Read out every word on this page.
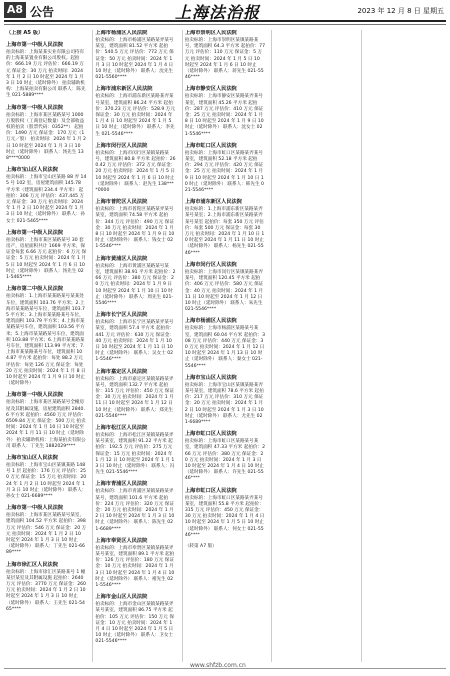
A8 公告	上海法治报	2023 年 12 月 8 日 星期五
（上接 A5 版）
上海市第一中级人民法院
拍卖标的：上海某某实业有限公司持有的上海某某置业有限公司股权。起拍价：666.19 万元 评估价：666.19 万元 保证金：30 万元 拍卖时间：2024 年 1 月 2 日 10 时起至 2024 年 1 月 3 日 10 时止（延时除外） 拍卖辅助机构：上海某拍卖有限公司 联系人：陈先生 021-5889****
上海市第一中级人民法院
拍卖标的：上海市某区某路某号 1000 万股股权（工商登记数量）及全部收益权的拍卖（股票代码：0352**） 起拍价：1490 万元 保证金：170 万元（1 万元／股） 拍卖时间：2024 年 1 月 2 日 10 时起至 2024 年 1 月 3 日 10 时止（延时除外） 联系人：汤先生 138****0000
上海市宝山区人民法院
拍卖标的：上海市宝山区某路 88 弄 145 号 102 室，房屋建筑面积 145.78 平方米（建筑面积 234.4 平方米） 起拍价：306 万元 评估价：437.445 万元 保证金：30 万元 拍卖时间：2024 年 1 月 2 日 10 时起至 2024 年 1 月 3 日 10 时止（延时除外） 联系人：孙女士 021-5465****
上海市第一中级人民法院
拍卖标的：上海市某区某路某号 30 套房产，房屋面积共计 1669 平方米，保证金每套 6.66 万元 起拍价：6 万元 保证金：5 万元 拍卖时间：2024 年 1 月 5 日 10 时起至 2024 年 1 月 6 日 10 时止（延时除外） 联系人：汤先生 021-5465****
上海市第二中级人民法院
拍卖标的：1.上海市某某路某号某某处车位，建筑面积 103.76 平方米；2.上海市某某路某号车位，建筑面积 103.75 平方米；3.上海市某某路某号车位，建筑面积 103.79 平方米；4.上海市某某路某号车位，建筑面积 103.56 平方米；5.上海市某某路某号车位，建筑面积 103.88 平方米；6.上海市某某路某号车位，建筑面积 113.99 平方米；7.上海市某某路某号车位，建筑面积 104.87 平方米 起拍价：每处 88.2 万元 评估价：每处 126 万元 保证金：每处 20 万元 拍卖时间：2024 年 1 月 8 日 10 时起至 2024 年 1 月 9 日 10 时止（延时除外）
上海市第一中级人民法院
拍卖标的：上海市某区某路某号全幢房屋及其附属设施，房屋建筑面积 2840.6 平方米 起拍价：4560 万元 评估价：6509.84 万元 保证金：500 万元 拍卖时间：2024 年 1 月 10 日 10 时起至 2024 年 1 月 11 日 10 时止（延时除外） 拍卖辅助机构：上海某拍卖有限公司 联系人：丁先生 1882029****
上海市宝山区人民法院
拍卖标的：上海市宝山区某镇某路 148 号 1 层 起拍价：176 万元 评估价：250 万元 保证金：15 万元 拍卖时间：2024 年 1 月 2 日 10 时起至 2024 年 1 月 3 日 10 时止（延时除外） 联系人：孙女士 021-6689****
上海市第一中级人民法院
拍卖标的：上海市某区某路某号某室，建筑面积 104.52 平方米 起拍价：398 万元 评估价：546 万元 保证金：20 万元 拍卖时间：2024 年 1 月 2 日 10 时起至 2024 年 1 月 3 日 10 时止（延时除外） 联系人：丁先生 021-6689****
上海市徐汇区人民法院
拍卖标的：上海市徐汇区某路某号 1 幢某层某室及其附属设施 起拍价：2640 万元 评估价：3770 万元 保证金：260 万元 拍卖时间：2024 年 1 月 2 日 10 时起至 2024 年 1 月 3 日 10 时止（延时除外） 联系人：王先生 021-5465****
上海市杨浦区人民法院
拍卖标的：上海市杨浦区某路某弄某号某室，建筑面积 81.52 平方米 起拍价：540.5 万元 评估价：772 万元 保证金：50 万元 拍卖时间：2024 年 1 月 3 日 10 时起至 2024 年 1 月 4 日 10 时止（延时除外） 联系人：沈先生 021-5560****
上海市浦东新区人民法院
拍卖标的：上海市浦东新区某路某弄某号某室，建筑面积 86.24 平方米 起拍价：370.23 万元 评估价：528.9 万元 保证金：30 万元 拍卖时间：2024 年 1 月 4 日 10 时起至 2024 年 1 月 5 日 10 时止（延时除外） 联系人：李先生 021-5546****
上海市闵行区人民法院
拍卖标的：上海市闵行区某镇某路某号，建筑面积 80.8 平方米 起拍价：260.42 万元 评估价：372 万元 保证金：20 万元 拍卖时间：2024 年 1 月 5 日 10 时起至 2024 年 1 月 6 日 10 时止（延时除外） 联系人：赵先生 138****0000
上海市普陀区人民法院
拍卖标的：上海市普陀区某路某弄某号某室，建筑面积 74.58 平方米 起拍价：344 万元 评估价：490 万元 保证金：30 万元 拍卖时间：2024 年 1 月 8 日 10 时起至 2024 年 1 月 9 日 10 时止（延时除外） 联系人：钱女士 021-5546****
上海市黄浦区人民法院
拍卖标的：上海市黄浦区某路某号某室，建筑面积 38.91 平方米 起拍价：266 万元 评估价：380 万元 保证金：20 万元 拍卖时间：2024 年 1 月 9 日 10 时起至 2024 年 1 月 10 日 10 时止（延时除外） 联系人：周先生 021-5546****
上海市长宁区人民法院
拍卖标的：上海市长宁区某路某弄某号某室，建筑面积 57.4 平方米 起拍价：441 万元 评估价：630 万元 保证金：40 万元 拍卖时间：2024 年 1 月 10 日 10 时起至 2024 年 1 月 11 日 10 时止（延时除外） 联系人：吴女士 021-5546****
上海市嘉定区人民法院
拍卖标的：上海市嘉定区某镇某路某弄某号，建筑面积 132.7 平方米 起拍价：315 万元 评估价：450 万元 保证金：30 万元 拍卖时间：2024 年 1 月 11 日 10 时起至 2024 年 1 月 12 日 10 时止（延时除外） 联系人：郑先生 021-5546****
上海市松江区人民法院
拍卖标的：上海市松江区某镇某路某弄某号某室，建筑面积 91.22 平方米 起拍价：192.5 万元 评估价：275 万元 保证金：15 万元 拍卖时间：2024 年 1 月 12 日 10 时起至 2024 年 1 月 13 日 10 时止（延时除外） 联系人：冯先生 021-5546****
上海市青浦区人民法院
拍卖标的：上海市青浦区某镇某路某弄某号，建筑面积 101.6 平方米 起拍价：224 万元 评估价：320 万元 保证金：20 万元 拍卖时间：2024 年 1 月 2 日 10 时起至 2024 年 1 月 3 日 10 时止（延时除外） 联系人：陈先生 021-6689****
上海市奉贤区人民法院
拍卖标的：上海市奉贤区某镇某路某弄某号某室，建筑面积 89.1 平方米 起拍价：126 万元 评估价：180 万元 保证金：10 万元 拍卖时间：2024 年 1 月 3 日 10 时起至 2024 年 1 月 4 日 10 时止（延时除外） 联系人：褚先生 021-5546****
上海市金山区人民法院
拍卖标的：上海市金山区某镇某路某弄某号某室，建筑面积 86.75 平方米 起拍价：105 万元 评估价：150 万元 保证金：10 万元 拍卖时间：2024 年 1 月 4 日 10 时起至 2024 年 1 月 5 日 10 时止（延时除外） 联系人：卫女士 021-5546****
上海市崇明区人民法院
拍卖标的：上海市崇明区某镇某路某号，建筑面积 64.3 平方米 起拍价：77 万元 评估价：110 万元 保证金：5 万元 拍卖时间：2024 年 1 月 5 日 10 时起至 2024 年 1 月 6 日 10 时止（延时除外） 联系人：蒋先生 021-5546****
上海市静安区人民法院
拍卖标的：上海市静安区某路某弄某号某室，建筑面积 45.26 平方米 起拍价：287 万元 评估价：410 万元 保证金：25 万元 拍卖时间：2024 年 1 月 8 日 10 时起至 2024 年 1 月 9 日 10 时止（延时除外） 联系人：沈女士 021-5546****
上海市虹口区人民法院
拍卖标的：上海市虹口区某路某弄某号某室，建筑面积 52.18 平方米 起拍价：294 万元 评估价：420 万元 保证金：25 万元 拍卖时间：2024 年 1 月 9 日 10 时起至 2024 年 1 月 10 日 10 时止（延时除外） 联系人：韩先生 021-5546****
上海市浦东新区人民法院
拍卖标的：1.上海市浦东新区某路某弄某号某室；2.上海市浦东新区某路某弄某号某室 起拍价：每套 350 万元 评估价：每套 500 万元 保证金：每套 30 万元 拍卖时间：2024 年 1 月 10 日 10 时起至 2024 年 1 月 11 日 10 时止（延时除外） 联系人：杨先生 021-5546****
上海市闵行区人民法院
拍卖标的：上海市闵行区某镇某路某弄某号，建筑面积 120.45 平方米 起拍价：406 万元 评估价：580 万元 保证金：40 万元 拍卖时间：2024 年 1 月 11 日 10 时起至 2024 年 1 月 12 日 10 时止（延时除外） 联系人：朱先生 021-5546****
上海市杨浦区人民法院
拍卖标的：上海市杨浦区某路某号某室，建筑面积 60.04 平方米 起拍价：308 万元 评估价：440 万元 保证金：30 万元 拍卖时间：2024 年 1 月 12 日 10 时起至 2024 年 1 月 13 日 10 时止（延时除外） 联系人：秦女士 021-5546****
上海市宝山区人民法院
拍卖标的：上海市宝山区某镇某路某弄某号某室，建筑面积 78.6 平方米 起拍价：217 万元 评估价：310 万元 保证金：20 万元 拍卖时间：2024 年 1 月 2 日 10 时起至 2024 年 1 月 3 日 10 时止（延时除外） 联系人：尤先生 021-6689****
上海市虹口区人民法院
拍卖标的：上海市虹口区某路某号某室，建筑面积 47.33 平方米 起拍价：266 万元 评估价：380 万元 保证金：20 万元 拍卖时间：2024 年 1 月 3 日 10 时起至 2024 年 1 月 4 日 10 时止（延时除外） 联系人：许先生 021-5546****
上海市虹口区人民法院
拍卖标的：上海市虹口区某路某弄某号某室，建筑面积 55.8 平方米 起拍价：315 万元 评估价：450 万元 保证金：30 万元 拍卖时间：2024 年 1 月 4 日 10 时起至 2024 年 1 月 5 日 10 时止（延时除外） 联系人：何女士 021-5546****
（转第 A7 版）
www.shfzb.com.cn
